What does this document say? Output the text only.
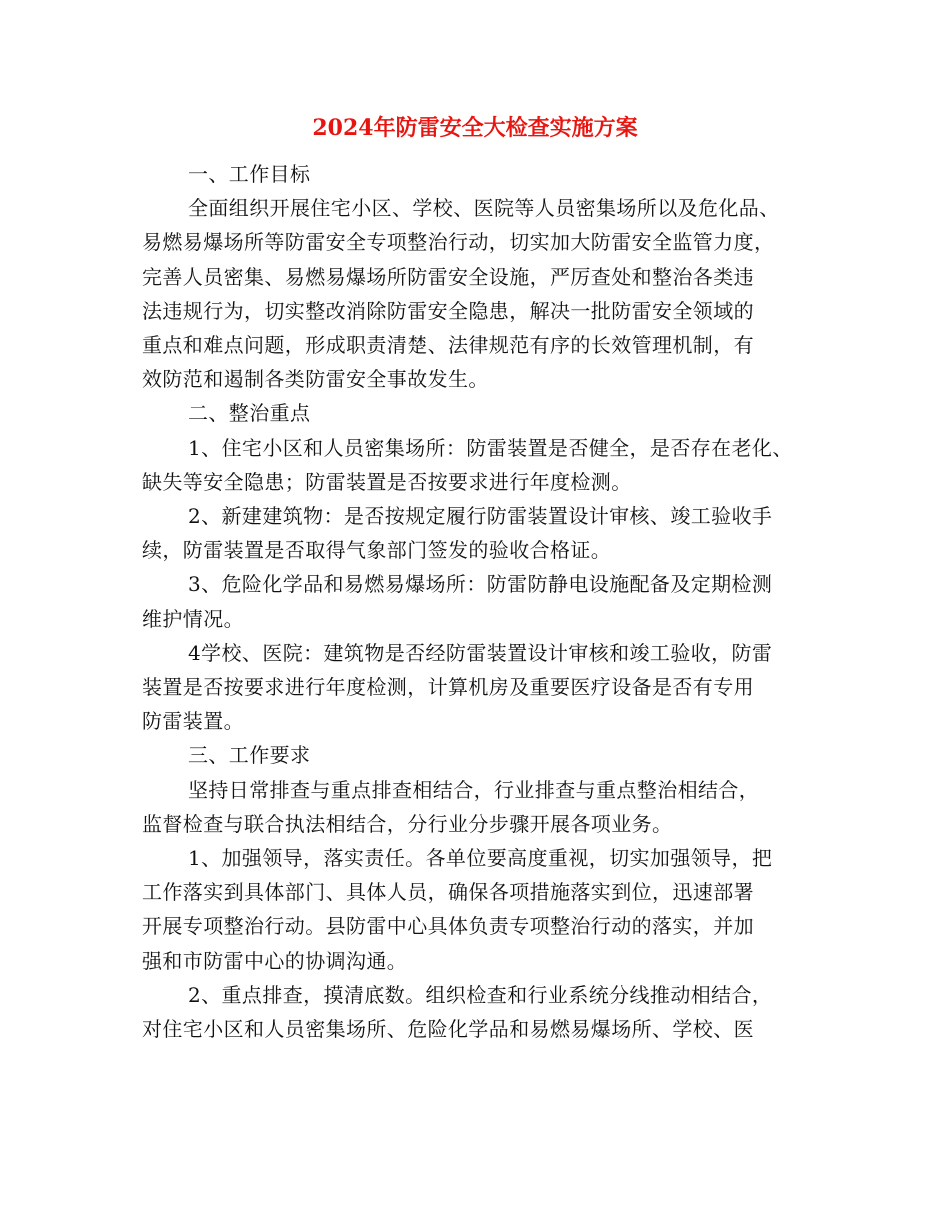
2024年防雷安全大检查实施方案
一、工作目标
全面组织开展住宅小区、学校、医院等人员密集场所以及危化品、
易燃易爆场所等防雷安全专项整治行动，切实加大防雷安全监管力度，
完善人员密集、易燃易爆场所防雷安全设施，严厉查处和整治各类违
法违规行为，切实整改消除防雷安全隐患，解决一批防雷安全领域的
重点和难点问题，形成职责清楚、法律规范有序的长效管理机制，有
效防范和遏制各类防雷安全事故发生。
二、整治重点
1、住宅小区和人员密集场所：防雷装置是否健全，是否存在老化、
缺失等安全隐患；防雷装置是否按要求进行年度检测。
2、新建建筑物：是否按规定履行防雷装置设计审核、竣工验收手
续，防雷装置是否取得气象部门签发的验收合格证。
3、危险化学品和易燃易爆场所：防雷防静电设施配备及定期检测
维护情况。
4学校、医院：建筑物是否经防雷装置设计审核和竣工验收，防雷
装置是否按要求进行年度检测，计算机房及重要医疗设备是否有专用
防雷装置。
三、工作要求
坚持日常排查与重点排查相结合，行业排查与重点整治相结合，
监督检查与联合执法相结合，分行业分步骤开展各项业务。
1、加强领导，落实责任。各单位要高度重视，切实加强领导，把
工作落实到具体部门、具体人员，确保各项措施落实到位，迅速部署
开展专项整治行动。县防雷中心具体负责专项整治行动的落实，并加
强和市防雷中心的协调沟通。
2、重点排查，摸清底数。组织检查和行业系统分线推动相结合，
对住宅小区和人员密集场所、危险化学品和易燃易爆场所、学校、医
